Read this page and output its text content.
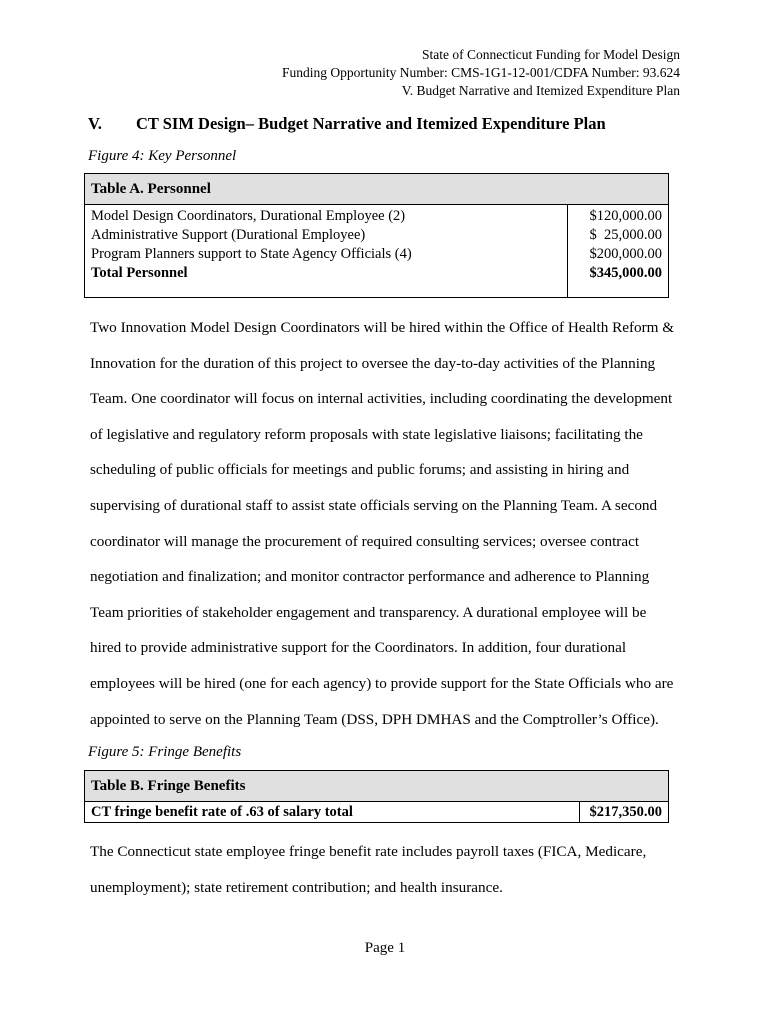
State of Connecticut Funding for Model Design
Funding Opportunity Number: CMS-1G1-12-001/CDFA Number: 93.624
V. Budget Narrative and Itemized Expenditure Plan
V. CT SIM Design– Budget Narrative and Itemized Expenditure Plan
Figure 4: Key Personnel
Table A. Personnel	
Model Design Coordinators, Durational Employee (2)	$120,000.00
Administrative Support (Durational Employee)	$  25,000.00
Program Planners support to State Agency Officials (4)	$200,000.00
Total Personnel	$345,000.00
Two Innovation Model Design Coordinators will be hired within the Office of Health Reform &
Innovation for the duration of this project to oversee the day-to-day activities of the Planning
Team. One coordinator will focus on internal activities, including coordinating the development
of legislative and regulatory reform proposals with state legislative liaisons; facilitating the
scheduling of public officials for meetings and public forums; and assisting in hiring and
supervising of durational staff to assist state officials serving on the Planning Team. A second
coordinator will manage the procurement of required consulting services; oversee contract
negotiation and finalization; and monitor contractor performance and adherence to Planning
Team priorities of stakeholder engagement and transparency. A durational employee will be
hired to provide administrative support for the Coordinators. In addition, four durational
employees will be hired (one for each agency) to provide support for the State Officials who are
appointed to serve on the Planning Team (DSS, DPH DMHAS and the Comptroller’s Office).
Figure 5: Fringe Benefits
Table B. Fringe Benefits
CT fringe benefit rate of .63 of salary total	$217,350.00
The Connecticut state employee fringe benefit rate includes payroll taxes (FICA, Medicare,
unemployment); state retirement contribution; and health insurance.
Page 1
